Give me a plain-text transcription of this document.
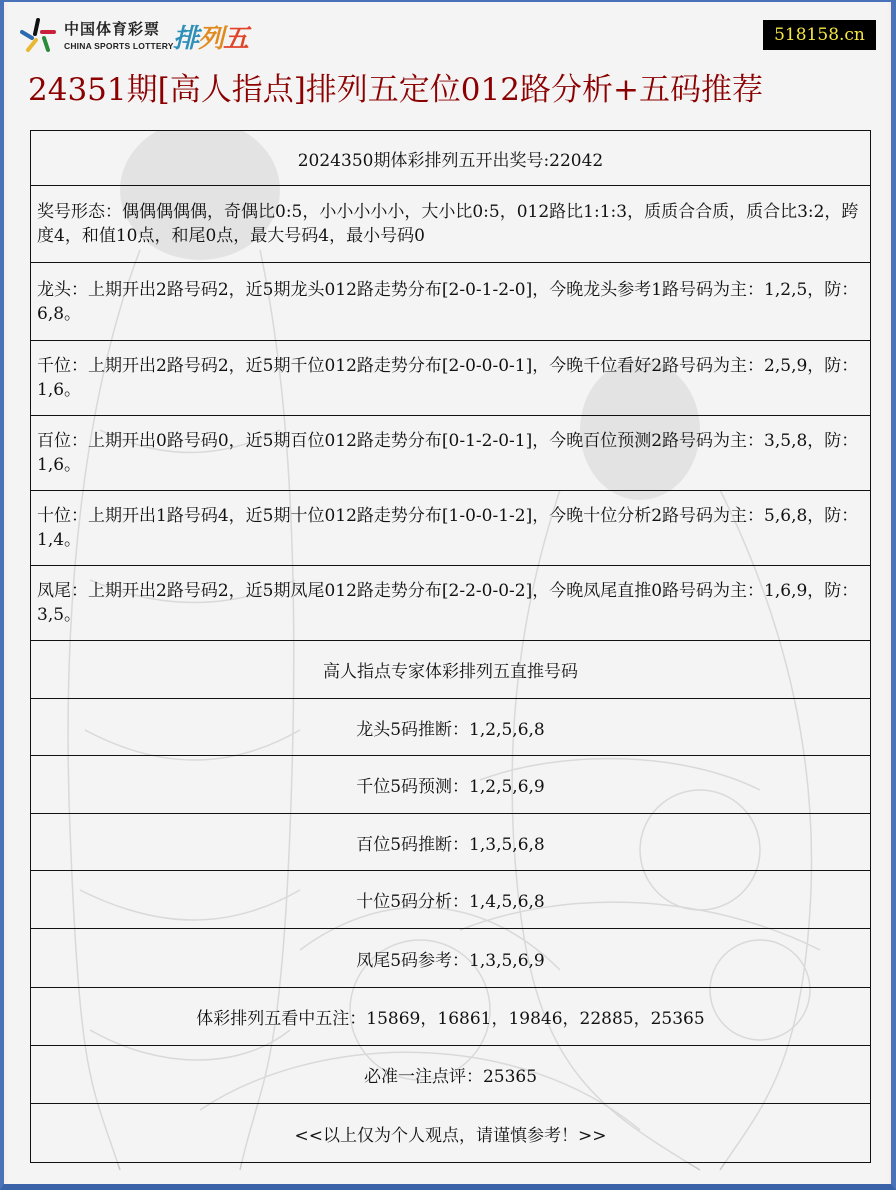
中国体育彩票
CHINA SPORTS LOTTERY 排列五	518158.cn
24351期[高人指点]排列五定位012路分析+五码推荐
2024350期体彩排列五开出奖号:22042
奖号形态：偶偶偶偶偶，奇偶比0:5，小小小小小，大小比0:5，012路比1:1:3，质质合合质，质合比3:2，跨度4，和值10点，和尾0点，最大号码4，最小号码0
龙头：上期开出2路号码2，近5期龙头012路走势分布[2-0-1-2-0]，今晚龙头参考1路号码为主：1,2,5，防：6,8。
千位：上期开出2路号码2，近5期千位012路走势分布[2-0-0-0-1]，今晚千位看好2路号码为主：2,5,9，防：1,6。
百位：上期开出0路号码0，近5期百位012路走势分布[0-1-2-0-1]，今晚百位预测2路号码为主：3,5,8，防：1,6。
十位：上期开出1路号码4，近5期十位012路走势分布[1-0-0-1-2]，今晚十位分析2路号码为主：5,6,8，防：1,4。
凤尾：上期开出2路号码2，近5期凤尾012路走势分布[2-2-0-0-2]，今晚凤尾直推0路号码为主：1,6,9，防：3,5。
高人指点专家体彩排列五直推号码
龙头5码推断：1,2,5,6,8
千位5码预测：1,2,5,6,9
百位5码推断：1,3,5,6,8
十位5码分析：1,4,5,6,8
凤尾5码参考：1,3,5,6,9
体彩排列五看中五注：15869，16861，19846，22885，25365
必准一注点评：25365
<<以上仅为个人观点，请谨慎参考！>>
